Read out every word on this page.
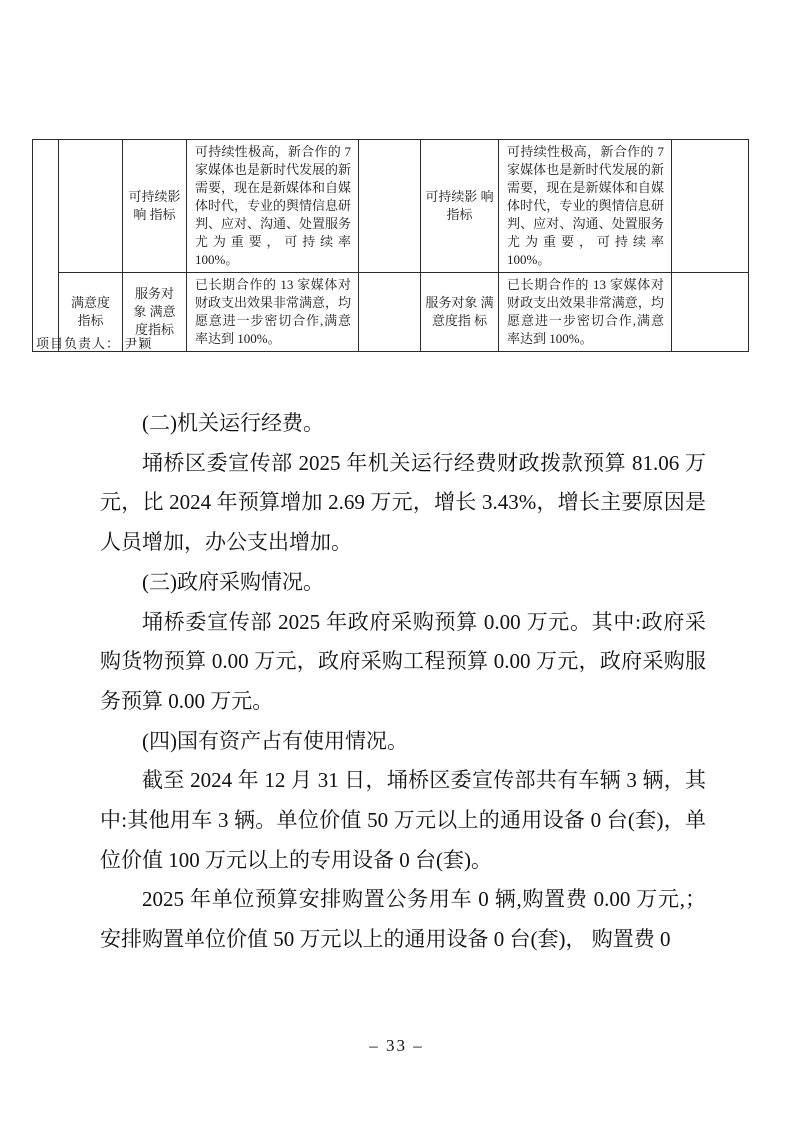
		可持续影响 指标	可持续性极高，新合作的 7 家媒体也是新时代发展的新需要，现在是新媒体和自媒体时代，专业的舆情信息研判、应对、沟通、处置服务尤为重要，可持续率 100%。		可持续影 响 指标	可持续性极高，新合作的 7 家媒体也是新时代发展的新需要，现在是新媒体和自媒体时代，专业的舆情信息研判、应对、沟通、处置服务尤为重要，可持续率 100%。	
	满意度 指标	服务对 象 满意 度指标	已长期合作的 13 家媒体对财政支出效果非常满意，均愿意进一步密切合作,满意率达到 100%。		服务对象 满意度指 标	已长期合作的 13 家媒体对财政支出效果非常满意，均愿意进一步密切合作,满意率达到 100%。	
项目负责人： 尹颖

(二)机关运行经费。

埇桥区委宣传部 2025 年机关运行经费财政拨款预算 81.06 万元，比 2024 年预算增加 2.69 万元，增长 3.43%，增长主要原因是人员增加，办公支出增加。

(三)政府采购情况。

埇桥委宣传部 2025 年政府采购预算 0.00 万元。其中:政府采购货物预算 0.00 万元，政府采购工程预算 0.00 万元，政府采购服务预算 0.00 万元。

(四)国有资产占有使用情况。

截至 2024 年 12 月 31 日，埇桥区委宣传部共有车辆 3 辆，其中:其他用车 3 辆。单位价值 50 万元以上的通用设备 0 台(套)，单位价值 100 万元以上的专用设备 0 台(套)。

2025 年单位预算安排购置公务用车 0 辆,购置费 0.00 万元,；安排购置单位价值 50 万元以上的通用设备 0 台(套)， 购置费 0

– 33 –
